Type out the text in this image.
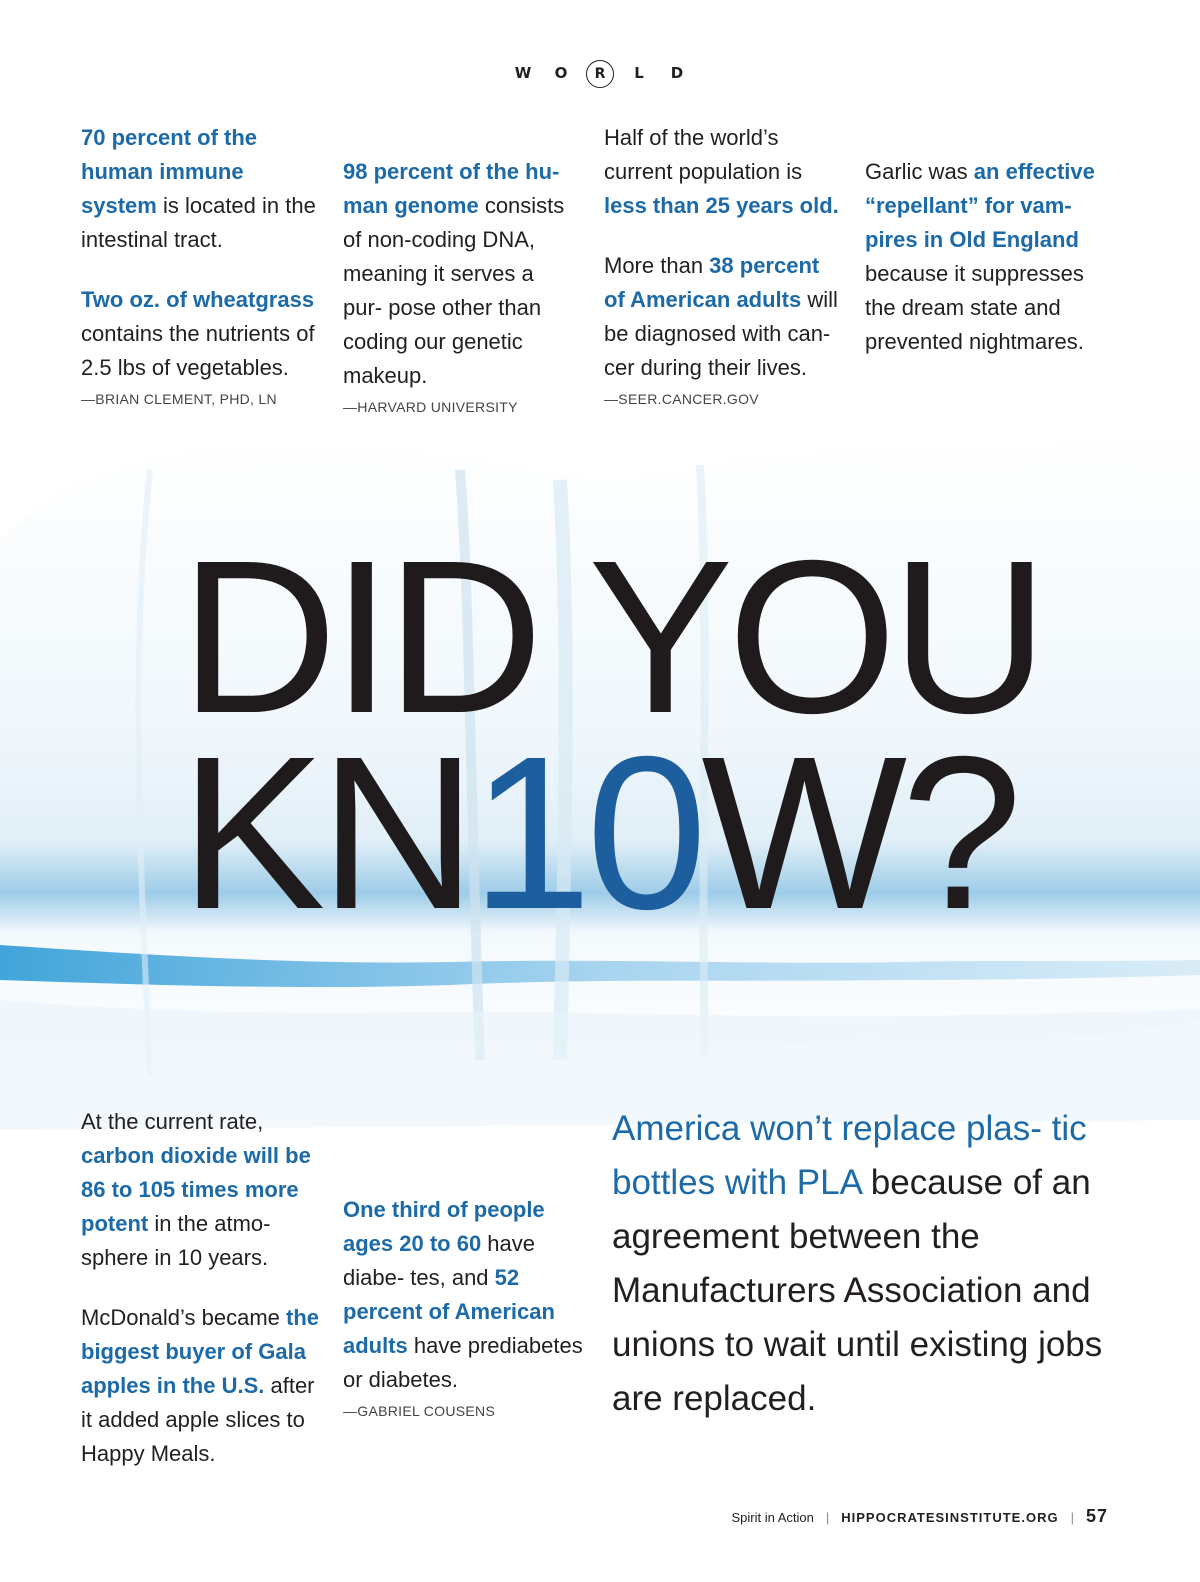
W O R L D

70 percent of the human immune system is located in the intestinal tract.

Two oz. of wheatgrass contains the nutrients of 2.5 lbs of vegetables.

—BRIAN CLEMENT, PHD, LN

98 percent of the hu- man genome consists of non-coding DNA, meaning it serves a pur- pose other than coding our genetic makeup.

—HARVARD UNIVERSITY

Half of the world’s current population is less than 25 years old.

More than 38 percent of American adults will be diagnosed with can- cer during their lives.

—SEER.CANCER.GOV

Garlic was an effective “repellant” for vam- pires in Old England because it suppresses the dream state and prevented nightmares.

DID YOU
KN10W?

At the current rate, carbon dioxide will be 86 to 105 times more potent in the atmo- sphere in 10 years.

McDonald’s became the biggest buyer of Gala apples in the U.S. after it added apple slices to Happy Meals.

One third of people ages 20 to 60 have diabe- tes, and 52 percent of American adults have prediabetes or diabetes.

—GABRIEL COUSENS
America won’t replace plas- tic bottles with PLA because of an agreement between the Manufacturers Association and unions to wait until existing jobs are replaced.
Spirit in Action | HIPPOCRATESINSTITUTE.ORG | 57
